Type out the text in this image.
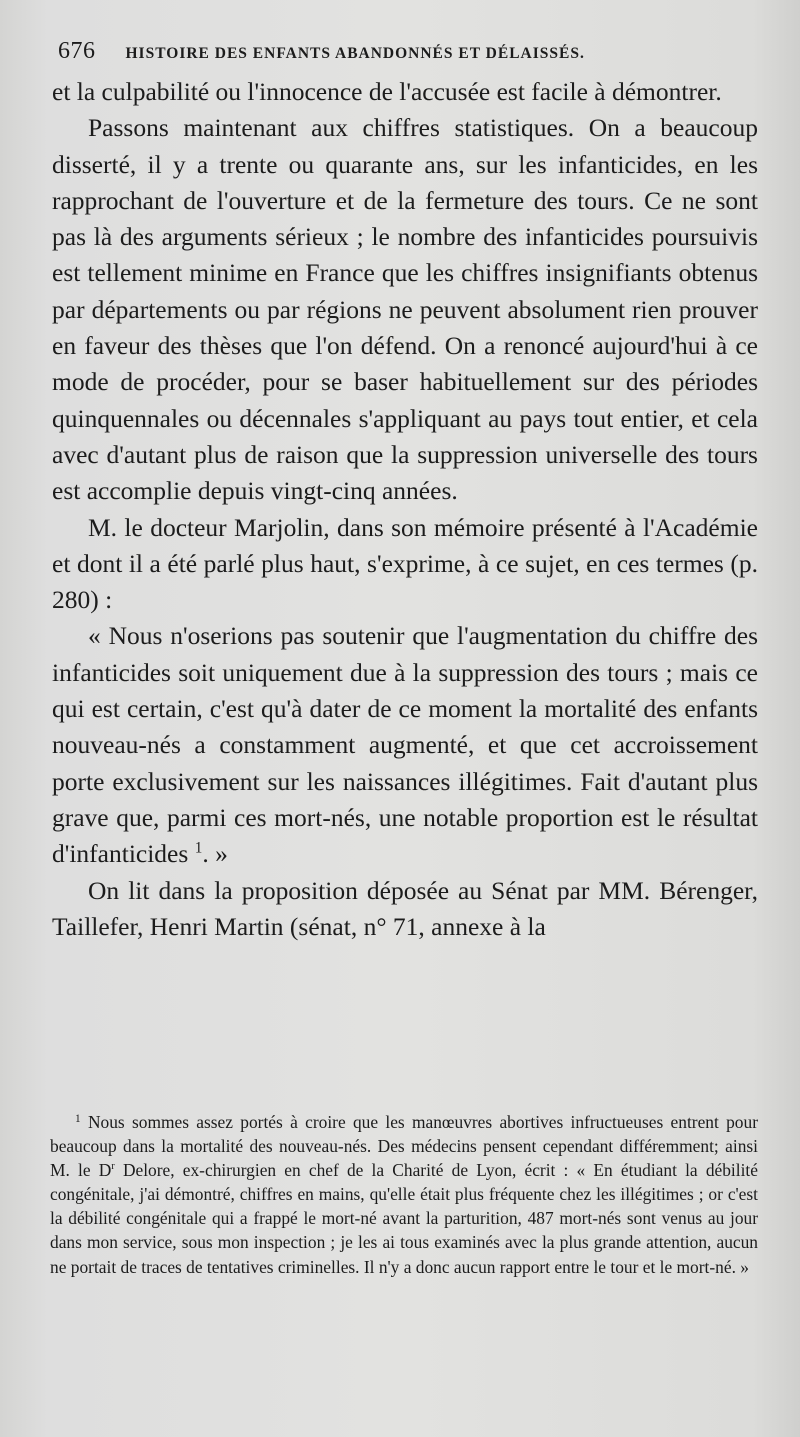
676 HISTOIRE DES ENFANTS ABANDONNÉS ET DÉLAISSÉS.

et la culpabilité ou l'innocence de l'accusée est facile à démontrer.

Passons maintenant aux chiffres statistiques. On a beaucoup disserté, il y a trente ou quarante ans, sur les infanticides, en les rapprochant de l'ouverture et de la fermeture des tours. Ce ne sont pas là des arguments sérieux ; le nombre des infanticides poursuivis est tellement minime en France que les chiffres insignifiants obtenus par départements ou par régions ne peuvent absolument rien prouver en faveur des thèses que l'on défend. On a renoncé aujourd'hui à ce mode de procéder, pour se baser habituellement sur des périodes quinquennales ou décennales s'appliquant au pays tout entier, et cela avec d'autant plus de raison que la suppression universelle des tours est accomplie depuis vingt-cinq années.

M. le docteur Marjolin, dans son mémoire présenté à l'Académie et dont il a été parlé plus haut, s'exprime, à ce sujet, en ces termes (p. 280) :

« Nous n'oserions pas soutenir que l'augmentation du chiffre des infanticides soit uniquement due à la suppression des tours ; mais ce qui est certain, c'est qu'à dater de ce moment la mortalité des enfants nouveau-nés a constamment augmenté, et que cet accroissement porte exclusivement sur les naissances illégitimes. Fait d'autant plus grave que, parmi ces mort-nés, une notable proportion est le résultat d'infanticides $^1$. »

On lit dans la proposition déposée au Sénat par MM. Bérenger, Taillefer, Henri Martin (sénat, n° 71, annexe à la

$^1$ Nous sommes assez portés à croire que les manœuvres abortives infructueuses entrent pour beaucoup dans la mortalité des nouveau-nés. Des médecins pensent cependant différemment; ainsi M. le $D^r$ Delore, ex-chirurgien en chef de la Charité de Lyon, écrit : « En étudiant la débilité congénitale, j'ai démontré, chiffres en mains, qu'elle était plus fréquente chez les illégitimes ; or c'est la débilité congénitale qui a frappé le mort-né avant la parturition, 487 mort-nés sont venus au jour dans mon service, sous mon inspection ; je les ai tous examinés avec la plus grande attention, aucun ne portait de traces de tentatives criminelles. Il n'y a donc aucun rapport entre le tour et le mort-né. »
